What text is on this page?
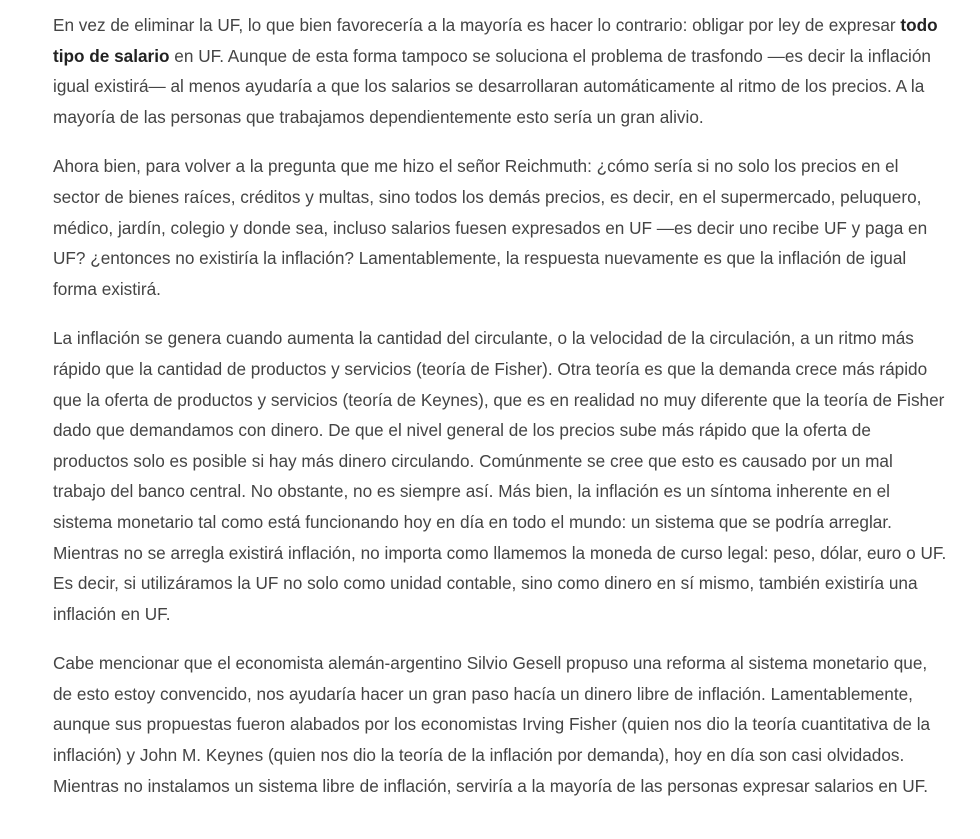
En vez de eliminar la UF, lo que bien favorecería a la mayoría es hacer lo contrario: obligar por ley de expresar todo tipo de salario en UF. Aunque de esta forma tampoco se soluciona el problema de trasfondo —es decir la inflación igual existirá— al menos ayudaría a que los salarios se desarrollaran automáticamente al ritmo de los precios. A la mayoría de las personas que trabajamos dependientemente esto sería un gran alivio.

Ahora bien, para volver a la pregunta que me hizo el señor Reichmuth: ¿cómo sería si no solo los precios en el sector de bienes raíces, créditos y multas, sino todos los demás precios, es decir, en el supermercado, peluquero, médico, jardín, colegio y donde sea, incluso salarios fuesen expresados en UF —es decir uno recibe UF y paga en UF? ¿entonces no existiría la inflación? Lamentablemente, la respuesta nuevamente es que la inflación de igual forma existirá.

La inflación se genera cuando aumenta la cantidad del circulante, o la velocidad de la circulación, a un ritmo más rápido que la cantidad de productos y servicios (teoría de Fisher). Otra teoría es que la demanda crece más rápido que la oferta de productos y servicios (teoría de Keynes), que es en realidad no muy diferente que la teoría de Fisher dado que demandamos con dinero. De que el nivel general de los precios sube más rápido que la oferta de productos solo es posible si hay más dinero circulando. Comúnmente se cree que esto es causado por un mal trabajo del banco central. No obstante, no es siempre así. Más bien, la inflación es un síntoma inherente en el sistema monetario tal como está funcionando hoy en día en todo el mundo: un sistema que se podría arreglar. Mientras no se arregla existirá inflación, no importa como llamemos la moneda de curso legal: peso, dólar, euro o UF. Es decir, si utilizáramos la UF no solo como unidad contable, sino como dinero en sí mismo, también existiría una inflación en UF.

Cabe mencionar que el economista alemán-argentino Silvio Gesell propuso una reforma al sistema monetario que, de esto estoy convencido, nos ayudaría hacer un gran paso hacía un dinero libre de inflación. Lamentablemente, aunque sus propuestas fueron alabados por los economistas Irving Fisher (quien nos dio la teoría cuantitativa de la inflación) y John M. Keynes (quien nos dio la teoría de la inflación por demanda), hoy en día son casi olvidados. Mientras no instalamos un sistema libre de inflación, serviría a la mayoría de las personas expresar salarios en UF.
